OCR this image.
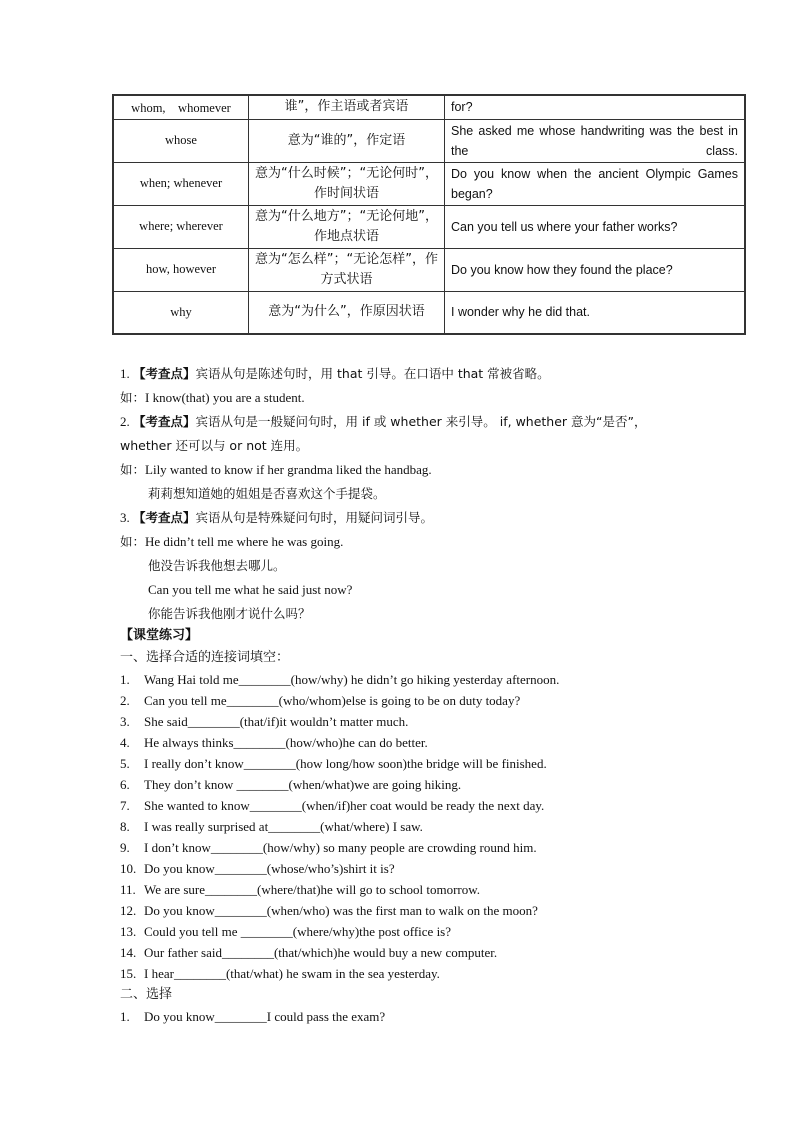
whom,　whomever	谁”，作主语或者宾语	for?
whose	意为“谁的”，作定语	She asked me whose handwriting was the best in the class.
when; whenever	意为“什么时候”；“无论何时”，作时间状语	Do you know when the ancient Olympic Games began?
where; wherever	意为“什么地方”；“无论何地”，作地点状语	Can you tell us where your father works?
how, however	意为“怎么样”；“无论怎样”，作方式状语	Do you know how they found the place?
why	意为“为什么”，作原因状语	I wonder why he did that.
1. 【考查点】宾语从句是陈述句时，用 that 引导。在口语中 that 常被省略。
如：I know(that) you are a student.
2. 【考查点】宾语从句是一般疑问句时，用 if 或 whether 来引导。 if, whether 意为“是否”，
whether 还可以与 or not 连用。
如：Lily wanted to know if her grandma liked the handbag.
莉莉想知道她的姐姐是否喜欢这个手提袋。
3. 【考查点】宾语从句是特殊疑问句时，用疑问词引导。
如：He didn’t tell me where he was going.
他没告诉我他想去哪儿。
Can you tell me what he said just now?
你能告诉我他刚才说什么吗？
【课堂练习】
一、选择合适的连接词填空：
1. Wang Hai told me________(how/why) he didn’t go hiking yesterday afternoon.
2. Can you tell me________(who/whom)else is going to be on duty today?
3. She said________(that/if)it wouldn’t matter much.
4. He always thinks________(how/who)he can do better.
5. I really don’t know________(how long/how soon)the bridge will be finished.
6. They don’t know ________(when/what)we are going hiking.
7. She wanted to know________(when/if)her coat would be ready the next day.
8. I was really surprised at________(what/where) I saw.
9. I don’t know________(how/why) so many people are crowding round him.
10. Do you know________(whose/who’s)shirt it is?
11. We are sure________(where/that)he will go to school tomorrow.
12. Do you know________(when/who) was the first man to walk on the moon?
13. Could you tell me ________(where/why)the post office is?
14. Our father said________(that/which)he would buy a new computer.
15. I hear________(that/what) he swam in the sea yesterday.
二、选择
1. Do you know________I could pass the exam?
